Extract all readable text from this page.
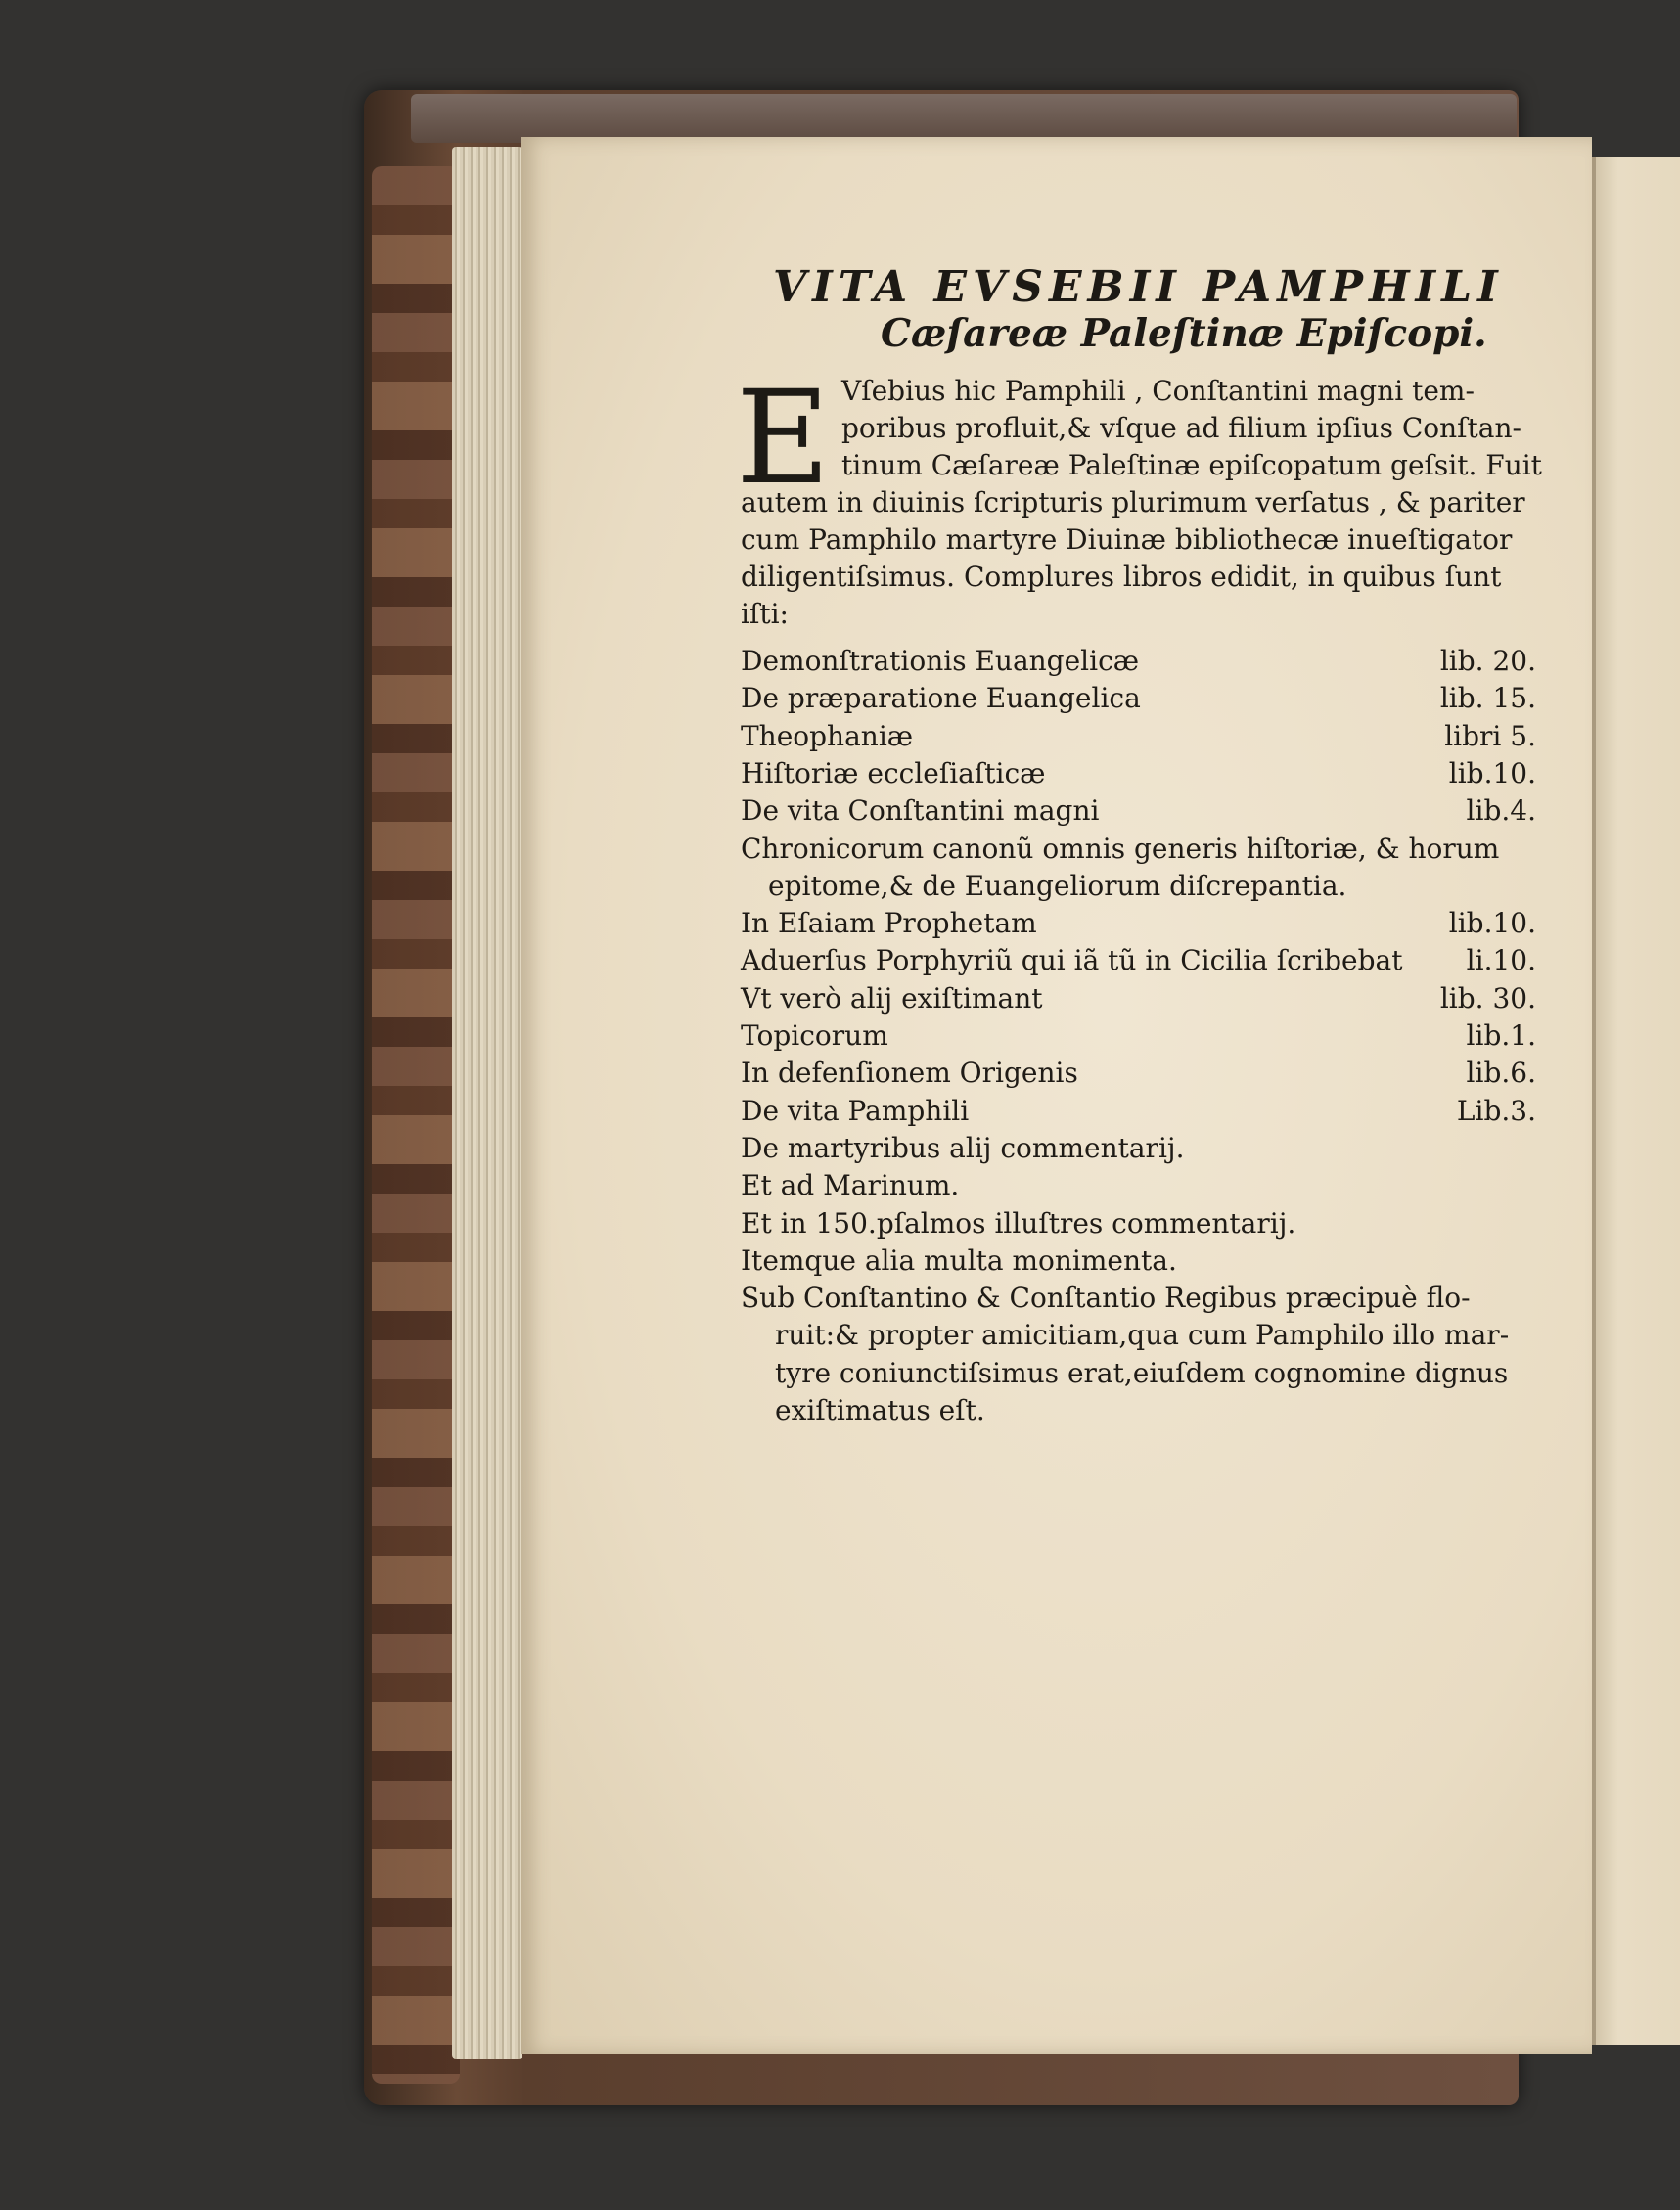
VITA EVSEBII PAMPHILI
Cæſareæ Paleſtinæ Epiſcopi.
E Vſebius hic Pamphili , Conſtantini magni tem-
poribus profluit,& vſque ad filium ipſius Conſtan-
tinum Cæſareæ Paleſtinæ epiſcopatum geſsit. Fuit
autem in diuinis ſcripturis plurimum verſatus , & pariter
cum Pamphilo martyre Diuinæ bibliothecæ inueſtigator
diligentiſsimus. Complures libros edidit, in quibus ſunt
iſti:
Demonſtrationis Euangelicæ	lib. 20.
De præparatione Euangelica	lib. 15.
Theophaniæ	libri 5.
Hiſtoriæ eccleſiaſticæ	lib.10.
De vita Conſtantini magni	lib.4.
Chronicorum canonũ omnis generis hiſtoriæ, & horum
epitome,& de Euangeliorum diſcrepantia.
In Eſaiam Prophetam	lib.10.
Aduerſus Porphyriũ qui iã tũ in Cicilia ſcribebat	li.10.
Vt verò alij exiſtimant	lib. 30.
Topicorum	lib.1.
In defenſionem Origenis	lib.6.
De vita Pamphili	Lib.3.
De martyribus alij commentarij.
Et ad Marinum.
Et in 150.pſalmos illuſtres commentarij.
Itemque alia multa monimenta.
Sub Conſtantino & Conſtantio Regibus præcipuè flo-
ruit:& propter amicitiam,qua cum Pamphilo illo mar-
tyre coniunctiſsimus erat,eiuſdem cognomine dignus
exiſtimatus eſt.
